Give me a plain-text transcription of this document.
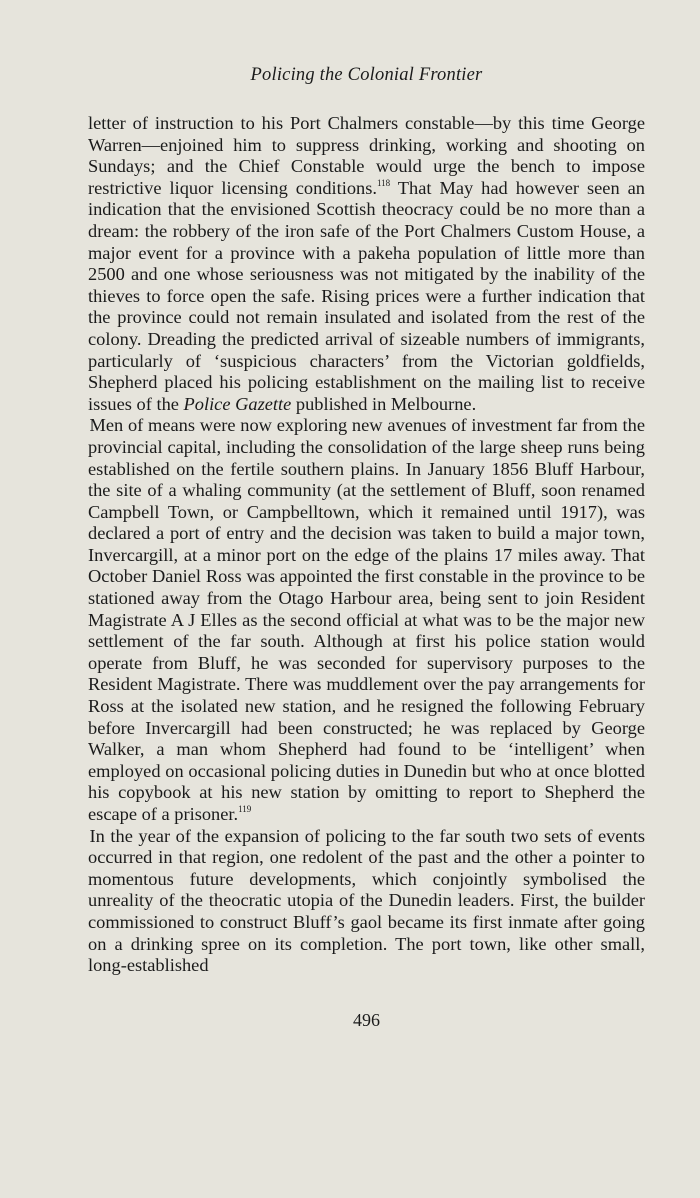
Policing the Colonial Frontier

letter of instruction to his Port Chalmers constable—by this time George Warren—enjoined him to suppress drinking, working and shooting on Sundays; and the Chief Constable would urge the bench to impose restrictive liquor licensing conditions.$^{118}$ That May had however seen an indication that the envisioned Scottish theocracy could be no more than a dream: the robbery of the iron safe of the Port Chalmers Custom House, a major event for a province with a pakeha population of little more than 2500 and one whose seriousness was not mitigated by the inability of the thieves to force open the safe. Rising prices were a further indication that the province could not remain insulated and isolated from the rest of the colony. Dreading the predicted arrival of sizeable numbers of immigrants, particularly of ‘suspicious characters’ from the Victorian goldfields, Shepherd placed his policing establishment on the mailing list to receive issues of the Police Gazette published in Melbourne.

Men of means were now exploring new avenues of investment far from the provincial capital, including the consolidation of the large sheep runs being established on the fertile southern plains. In January 1856 Bluff Harbour, the site of a whaling community (at the settlement of Bluff, soon renamed Campbell Town, or Campbelltown, which it remained until 1917), was declared a port of entry and the decision was taken to build a major town, Invercargill, at a minor port on the edge of the plains 17 miles away. That October Daniel Ross was appointed the first constable in the province to be stationed away from the Otago Harbour area, being sent to join Resident Magistrate A J Elles as the second official at what was to be the major new settlement of the far south. Although at first his police station would operate from Bluff, he was seconded for supervisory purposes to the Resident Magistrate. There was muddlement over the pay arrangements for Ross at the isolated new station, and he resigned the following February before Invercargill had been constructed; he was replaced by George Walker, a man whom Shepherd had found to be ‘intelligent’ when employed on occasional policing duties in Dunedin but who at once blotted his copybook at his new station by omitting to report to Shepherd the escape of a prisoner.$^{119}$

In the year of the expansion of policing to the far south two sets of events occurred in that region, one redolent of the past and the other a pointer to momentous future developments, which conjointly symbolised the unreality of the theocratic utopia of the Dunedin leaders. First, the builder commissioned to construct Bluff’s gaol became its first inmate after going on a drinking spree on its completion. The port town, like other small, long-established

496
